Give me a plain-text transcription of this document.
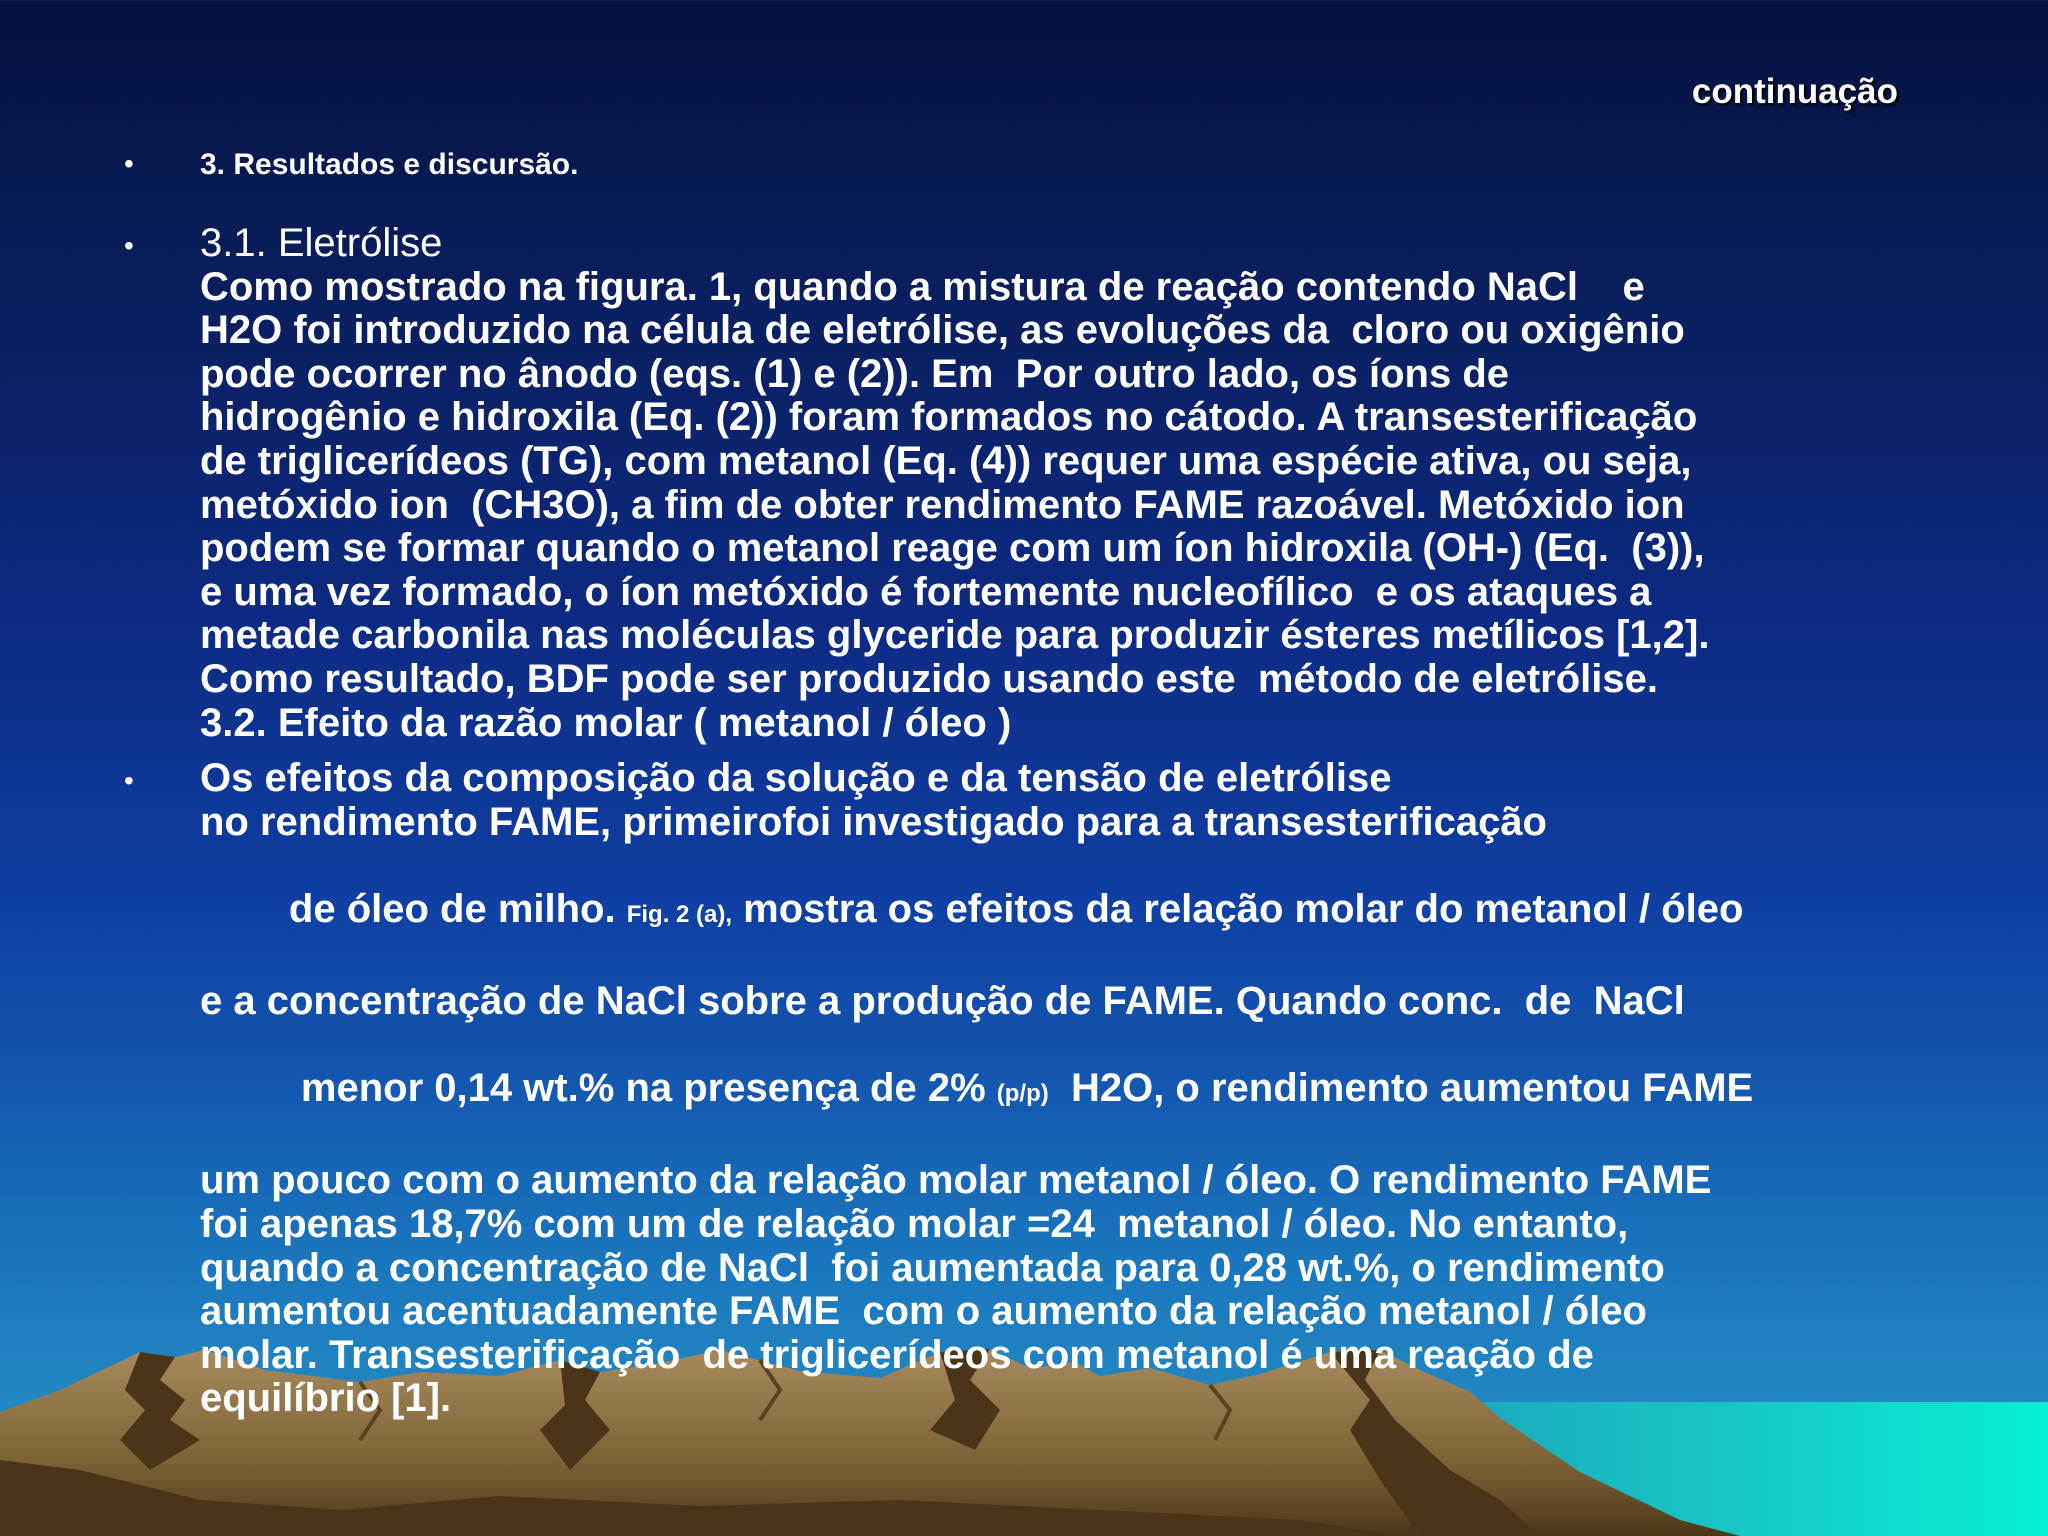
continuação
• 3. Resultados e discursão.
• 3.1. Eletrólise
Como mostrado na figura. 1, quando a mistura de reação contendo NaCl    e
H2O foi introduzido na célula de eletrólise, as evoluções da  cloro ou oxigênio
pode ocorrer no ânodo (eqs. (1) e (2)). Em  Por outro lado, os íons de
hidrogênio e hidroxila (Eq. (2)) foram formados no cátodo. A transesterificação
de triglicerídeos (TG), com metanol (Eq. (4)) requer uma espécie ativa, ou seja,
metóxido ion  (CH3O), a fim de obter rendimento FAME razoável. Metóxido ion
podem se formar quando o metanol reage com um íon hidroxila (OH-) (Eq.  (3)),
e uma vez formado, o íon metóxido é fortemente nucleofílico  e os ataques a
metade carbonila nas moléculas glyceride para produzir ésteres metílicos [1,2].
Como resultado, BDF pode ser produzido usando este  método de eletrólise.
3.2. Efeito da razão molar ( metanol / óleo )
• Os efeitos da composição da solução e da tensão de eletrólise
no rendimento FAME, primeirofoi investigado para a transesterificação

de óleo de milho. Fig. 2 (a), mostra os efeitos da relação molar do metanol / óleo

e a concentração de NaCl sobre a produção de FAME. Quando conc.  de  NaCl

menor 0,14 wt.% na presença de 2% (p/p)  H2O, o rendimento aumentou FAME

um pouco com o aumento da relação molar metanol / óleo. O rendimento FAME
foi apenas 18,7% com um de relação molar =24  metanol / óleo. No entanto,
quando a concentração de NaCl  foi aumentada para 0,28 wt.%, o rendimento
aumentou acentuadamente FAME  com o aumento da relação metanol / óleo
molar. Transesterificação  de triglicerídeos com metanol é uma reação de
equilíbrio [1].
